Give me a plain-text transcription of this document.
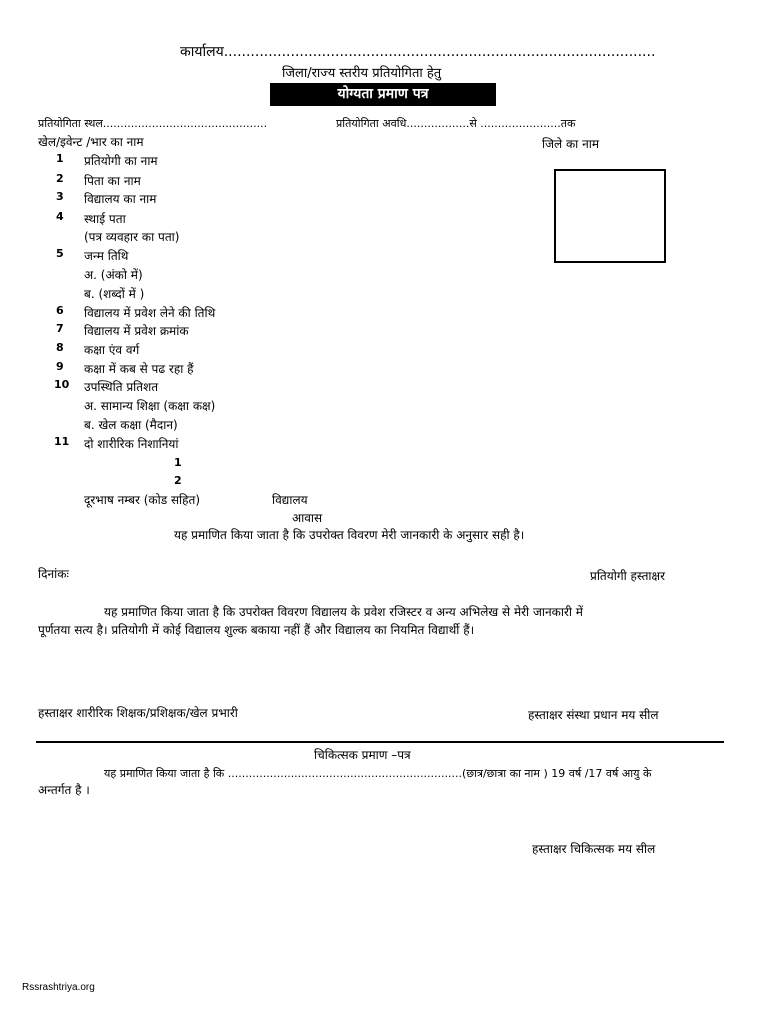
कार्यालय.................................................................................................
जिला/राज्य स्तरीय प्रतियोगिता हेतु
योग्यता प्रमाण पत्र
प्रतियोगिता स्थल...............................................	प्रतियोगिता अवधि..................से .......................तक
खेल/इवेन्ट /भार का नाम	जिले का नाम
1 प्रतियोगी का नाम
2 पिता का नाम
3 विद्यालय का नाम
4 स्थाई पता
(पत्र व्यवहार का पता)
5 जन्म तिथि
अ. (अंको में)
ब. (शब्दों में )
6 विद्यालय में प्रवेश लेने की तिथि
7 विद्यालय में प्रवेश क्रमांक
8 कक्षा एंव वर्ग
9 कक्षा में कब से पढ रहा हैं
10 उपस्थिति प्रतिशत
अ. सामान्य शिक्षा (कक्षा कक्ष)
ब. खेल कक्षा (मैदान)
11 दो शारीरिक निशानियां
1
2
दूरभाष नम्बर (कोड सहित)	विद्यालय
आवास
यह प्रमाणित किया जाता है कि उपरोक्त विवरण मेरी जानकारी के अनुसार सही है।
दिनांकः	प्रतियोगी हस्ताक्षर
यह प्रमाणित किया जाता है कि उपरोक्त विवरण विद्यालय के प्रवेश रजिस्टर व अन्य अभिलेख से मेरी जानकारी में
पूर्णतया सत्य है। प्रतियोगी में कोई विद्यालय शुल्क बकाया नहीं हैं और विद्यालय का नियमित विद्यार्थी हैं।
हस्ताक्षर शारीरिक शिक्षक/प्रशिक्षक/खेल प्रभारी	हस्ताक्षर संस्था प्रधान मय सील
चिकित्सक प्रमाण –पत्र
यह प्रमाणित किया जाता है कि ...................................................................(छात्र/छात्रा का नाम ) 19 वर्ष /17 वर्ष आयु के
अन्तर्गत है ।
हस्ताक्षर चिकित्सक मय सील
Rssrashtriya.org
